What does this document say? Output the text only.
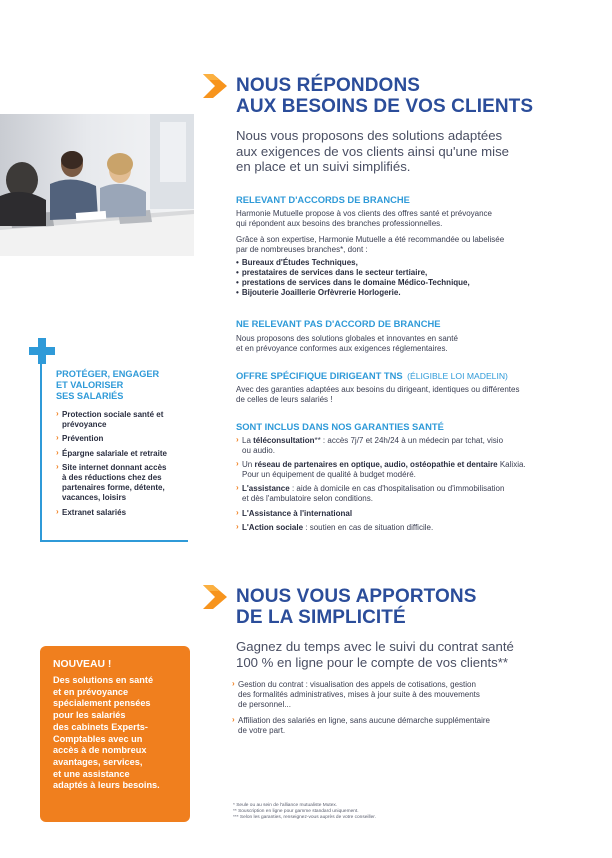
NOUS RÉPONDONS
AUX BESOINS DE VOS CLIENTS
Nous vous proposons des solutions adaptées
aux exigences de vos clients ainsi qu'une mise
en place et un suivi simplifiés.
RELEVANT D'ACCORDS DE BRANCHE
Harmonie Mutuelle propose à vos clients des offres santé et prévoyance
qui répondent aux besoins des branches professionnelles.
Grâce à son expertise, Harmonie Mutuelle a été recommandée ou labelisée
par de nombreuses branches*, dont :
• Bureaux d'Études Techniques,
• prestataires de services dans le secteur tertiaire,
• prestations de services dans le domaine Médico-Technique,
• Bijouterie Joaillerie Orfèvrerie Horlogerie.
NE RELEVANT PAS D'ACCORD DE BRANCHE
Nous proposons des solutions globales et innovantes en santé
et en prévoyance conformes aux exigences réglementaires.
OFFRE SPÉCIFIQUE DIRIGEANT TNS (ÉLIGIBLE LOI MADELIN)
Avec des garanties adaptées aux besoins du dirigeant, identiques ou différentes
de celles de leurs salariés !
SONT INCLUS DANS NOS GARANTIES SANTÉ
› La téléconsultation** : accès 7j/7 et 24h/24 à un médecin par tchat, visio
ou audio.
› Un réseau de partenaires en optique, audio, ostéopathie et dentaire Kalixia.
Pour un équipement de qualité à budget modéré.
› L'assistance : aide à domicile en cas d'hospitalisation ou d'immobilisation
et dès l'ambulatoire selon conditions.
› L'Assistance à l'international
› L'Action sociale : soutien en cas de situation difficile.
PROTÉGER, ENGAGER
ET VALORISER
SES SALARIÉS
› Protection sociale santé et
prévoyance
› Prévention
› Épargne salariale et retraite
› Site internet donnant accès
à des réductions chez des
partenaires forme, détente,
vacances, loisirs
› Extranet salariés
NOUS VOUS APPORTONS
DE LA SIMPLICITÉ
Gagnez du temps avec le suivi du contrat santé
100 % en ligne pour le compte de vos clients**
› Gestion du contrat : visualisation des appels de cotisations, gestion
des formalités administratives, mises à jour suite à des mouvements
de personnel...
› Affiliation des salariés en ligne, sans aucune démarche supplémentaire
de votre part.
NOUVEAU !
Des solutions en santé
et en prévoyance
spécialement pensées
pour les salariés
des cabinets Experts-
Comptables avec un
accès à de nombreux
avantages, services,
et une assistance
adaptés à leurs besoins.
* Seule ou au sein de l'alliance mutualiste Mutex.
** Souscription en ligne pour gamme standard uniquement.
*** Selon les garanties, renseignez-vous auprès de votre conseiller.
